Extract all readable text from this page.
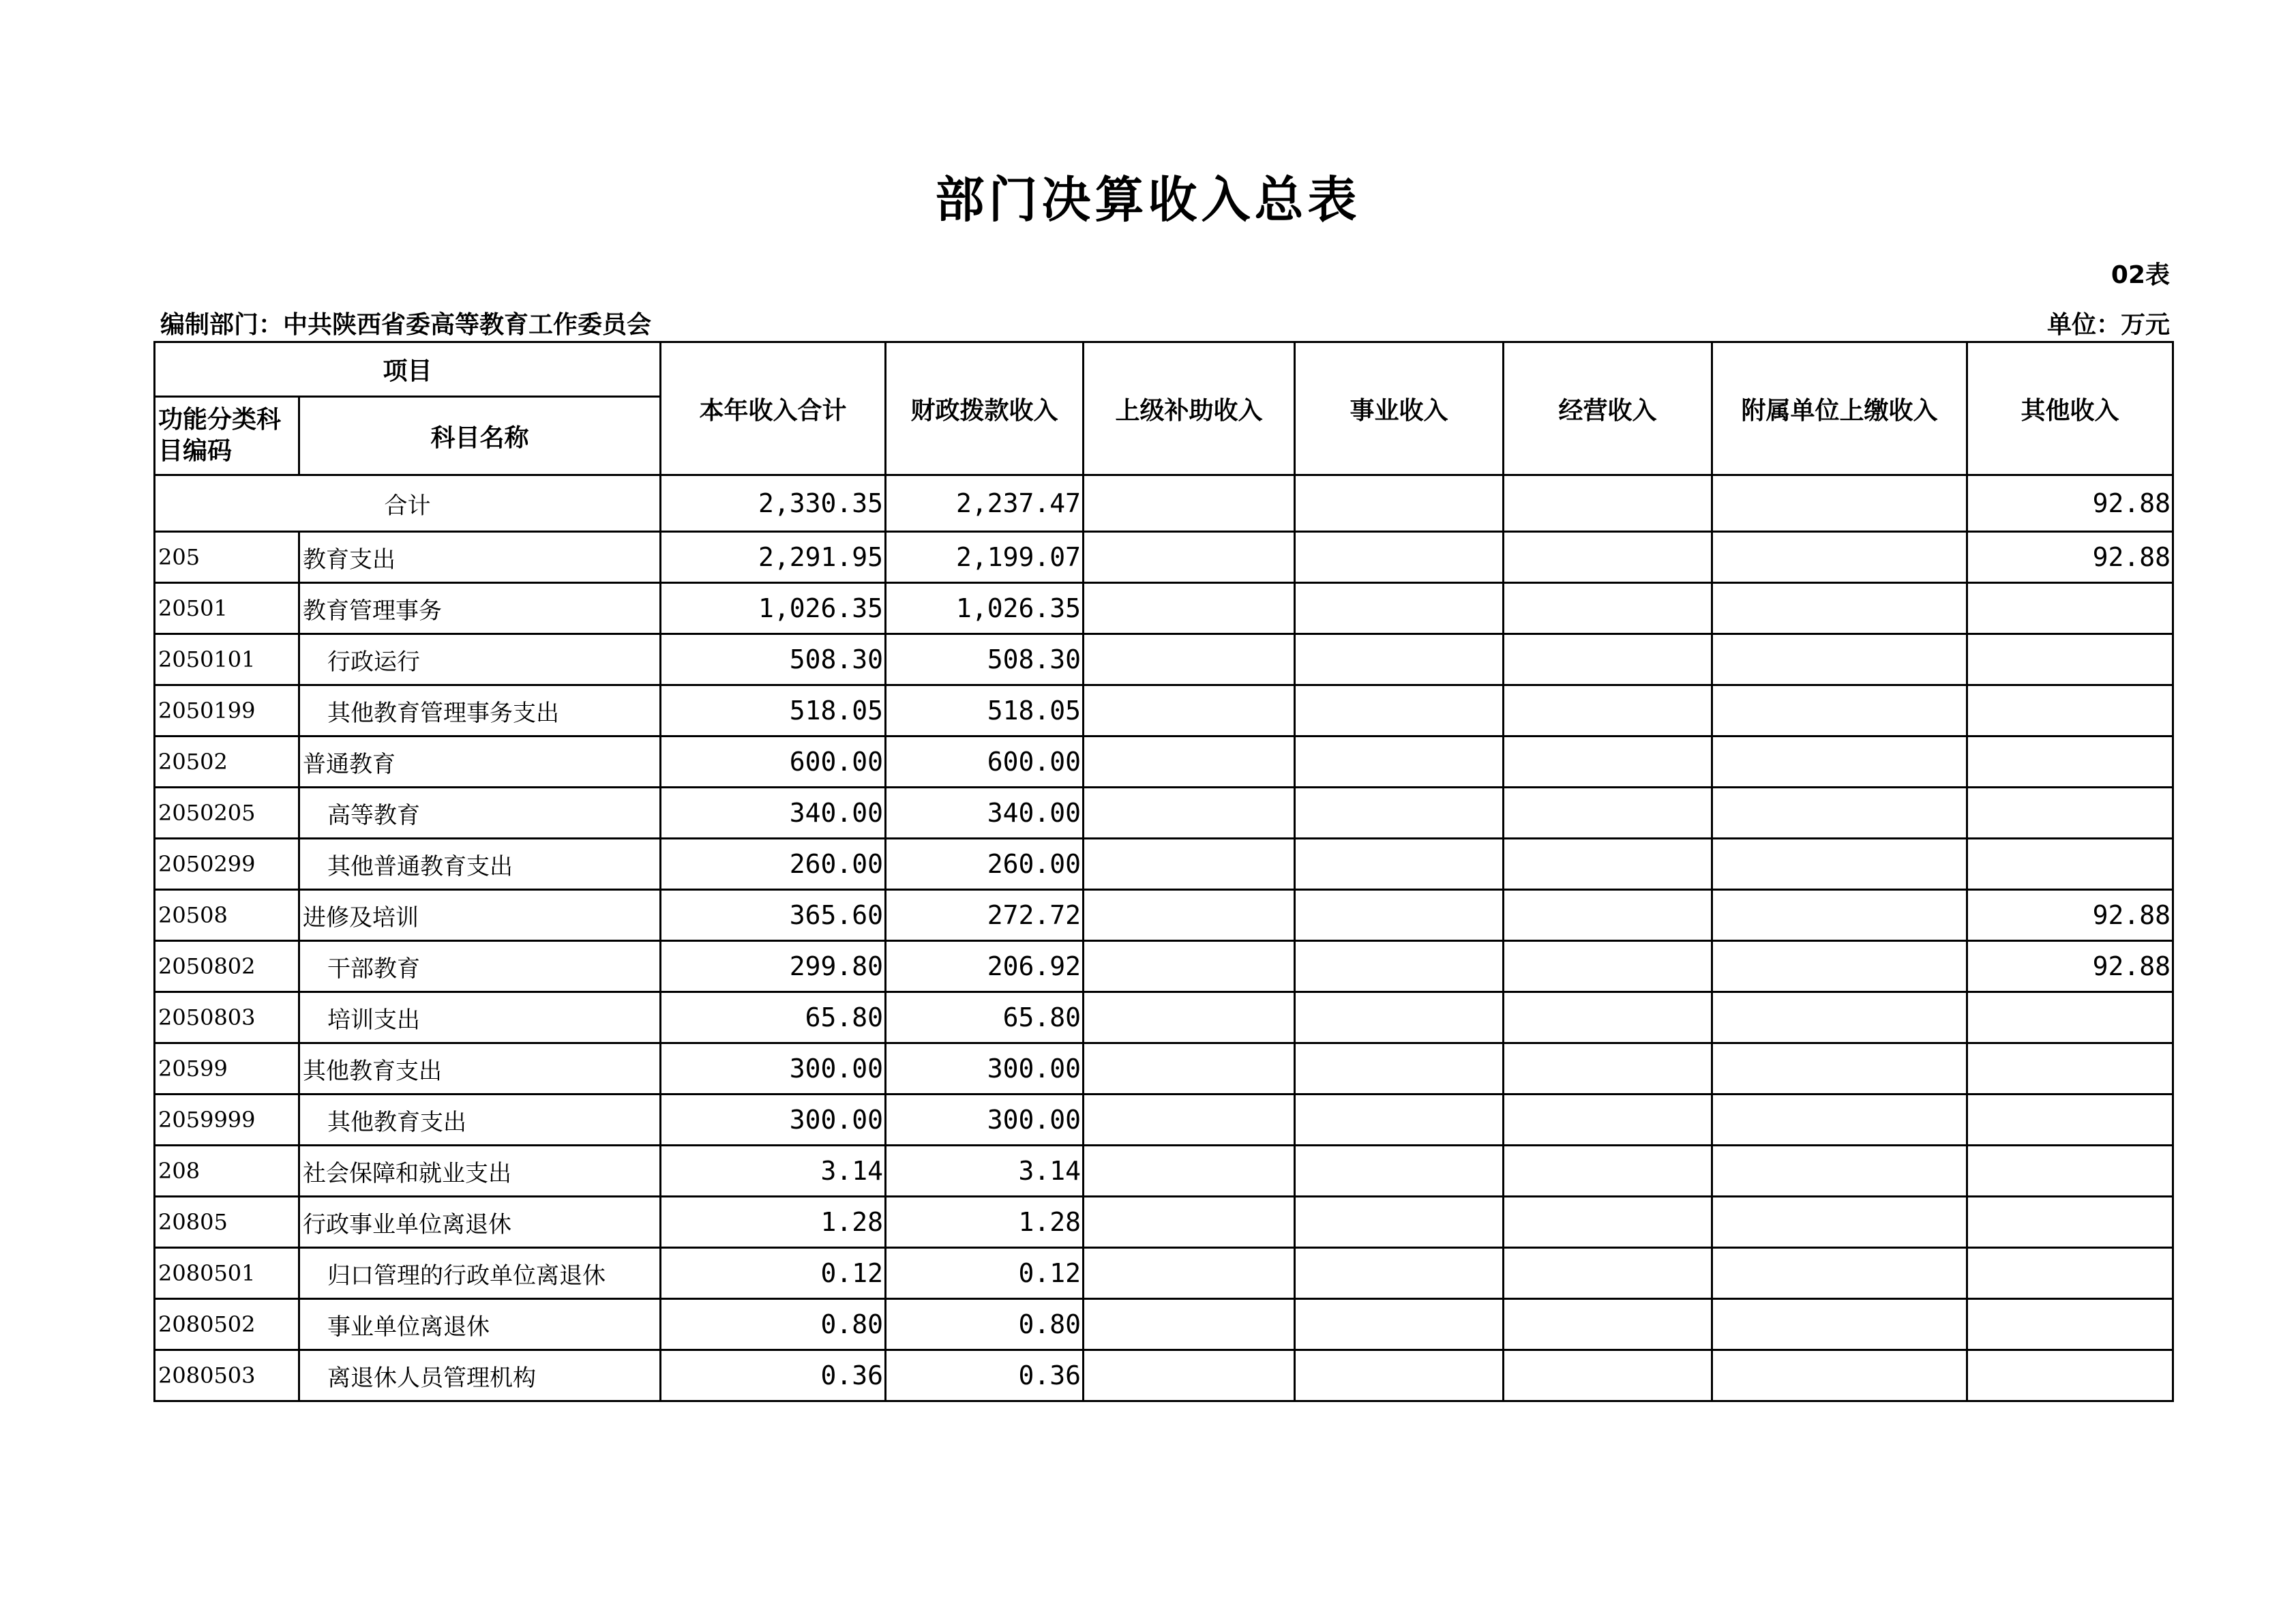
部门决算收入总表
02表
编制部门：中共陕西省委高等教育工作委员会	单位：万元
项目		本年收入合计	财政拨款收入	上级补助收入	事业收入	经营收入	附属单位上缴收入	其他收入
功能分类科目编码	科目名称							
合计		2,330.35	2,237.47					92.88
205	教育支出	2,291.95	2,199.07					92.88
20501	教育管理事务	1,026.35	1,026.35					
2050101	行政运行	508.30	508.30					
2050199	其他教育管理事务支出	518.05	518.05					
20502	普通教育	600.00	600.00					
2050205	高等教育	340.00	340.00					
2050299	其他普通教育支出	260.00	260.00					
20508	进修及培训	365.60	272.72					92.88
2050802	干部教育	299.80	206.92					92.88
2050803	培训支出	65.80	65.80					
20599	其他教育支出	300.00	300.00					
2059999	其他教育支出	300.00	300.00					
208	社会保障和就业支出	3.14	3.14					
20805	行政事业单位离退休	1.28	1.28					
2080501	归口管理的行政单位离退休	0.12	0.12					
2080502	事业单位离退休	0.80	0.80					
2080503	离退休人员管理机构	0.36	0.36					
